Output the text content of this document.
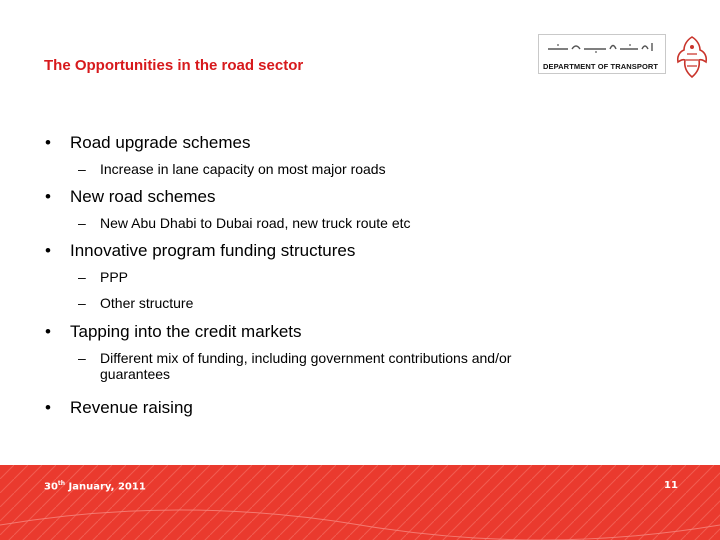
The Opportunities in the road sector	DEPARTMENT OF TRANSPORT
• Road upgrade schemes
– Increase in lane capacity on most major roads
• New road schemes
– New Abu Dhabi to Dubai road, new truck route etc
• Innovative program funding structures
– PPP
– Other structure
• Tapping into the credit markets
– Different mix of funding, including government contributions and/or
guarantees
• Revenue raising
30th January, 2011	11
